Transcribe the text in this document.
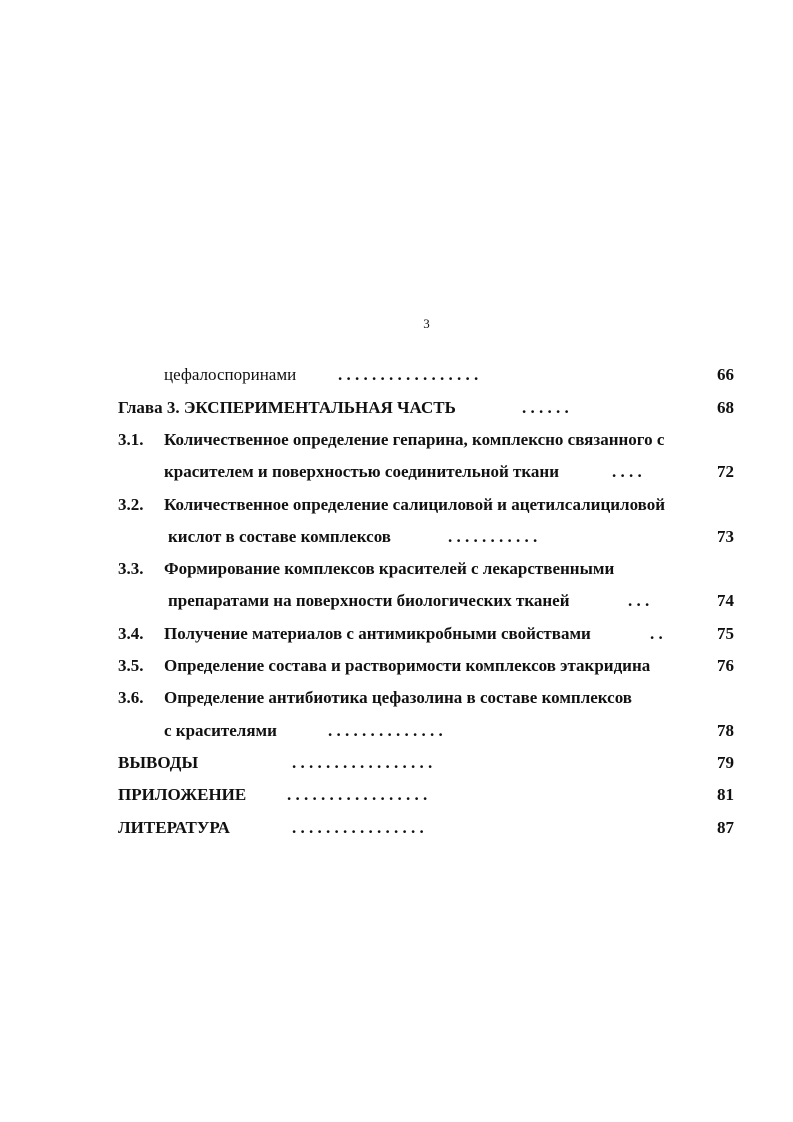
3
цефалоспоринами . . . . . . . . . . . . . . . . .	66
Глава 3. ЭКСПЕРИМЕНТАЛЬНАЯ ЧАСТЬ	. . . . . .	68
3.1. Количественное определение гепарина, комплексно связанного с
красителем и поверхностью соединительной ткани	. . . .	72
3.2. Количественное определение салициловой и ацетилсалициловой
кислот в составе комплексов	. . . . . . . . . . .	73
3.3. Формирование комплексов красителей с лекарственными
препаратами на поверхности биологических тканей	. . .	74
3.4. Получение материалов с антимикробными свойствами	. .	75
3.5. Определение состава и растворимости комплексов этакридина	76
3.6. Определение антибиотика цефазолина в составе комплексов
с красителями	. . . . . . . . . . . . . .	78
ВЫВОДЫ	. . . . . . . . . . . . . . . . .	79
ПРИЛОЖЕНИЕ . . . . . . . . . . . . . . . . .	81
ЛИТЕРАТУРА	. . . . . . . . . . . . . . . .	87
